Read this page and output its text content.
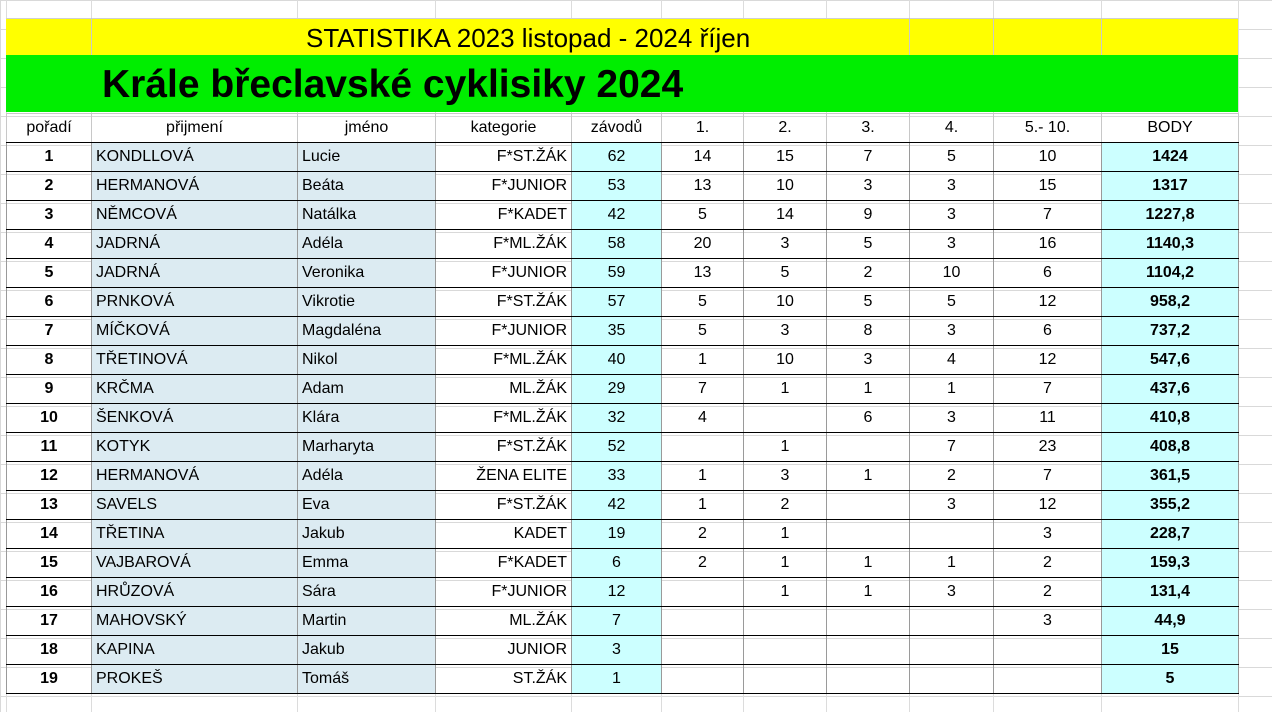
STATISTIKA 2023 listopad - 2024 říjen
Krále břeclavské cyklisiky 2024
pořadí	přijmení	jméno	kategorie	závodů	1.	2.	3.	4.	5.- 10.	BODY
1	KONDLLOVÁ	Lucie	F*ST.ŽÁK	62	14	15	7	5	10	1424
2	HERMANOVÁ	Beáta	F*JUNIOR	53	13	10	3	3	15	1317
3	NĚMCOVÁ	Natálka	F*KADET	42	5	14	9	3	7	1227,8
4	JADRNÁ	Adéla	F*ML.ŽÁK	58	20	3	5	3	16	1140,3
5	JADRNÁ	Veronika	F*JUNIOR	59	13	5	2	10	6	1104,2
6	PRNKOVÁ	Vikrotie	F*ST.ŽÁK	57	5	10	5	5	12	958,2
7	MÍČKOVÁ	Magdaléna	F*JUNIOR	35	5	3	8	3	6	737,2
8	TŘETINOVÁ	Nikol	F*ML.ŽÁK	40	1	10	3	4	12	547,6
9	KRČMA	Adam	ML.ŽÁK	29	7	1	1	1	7	437,6
10	ŠENKOVÁ	Klára	F*ML.ŽÁK	32	4		6	3	11	410,8
11	KOTYK	Marharyta	F*ST.ŽÁK	52		1		7	23	408,8
12	HERMANOVÁ	Adéla	ŽENA ELITE	33	1	3	1	2	7	361,5
13	SAVELS	Eva	F*ST.ŽÁK	42	1	2		3	12	355,2
14	TŘETINA	Jakub	KADET	19	2	1			3	228,7
15	VAJBAROVÁ	Emma	F*KADET	6	2	1	1	1	2	159,3
16	HRŮZOVÁ	Sára	F*JUNIOR	12		1	1	3	2	131,4
17	MAHOVSKÝ	Martin	ML.ŽÁK	7					3	44,9
18	KAPINA	Jakub	JUNIOR	3						15
19	PROKEŠ	Tomáš	ST.ŽÁK	1						5
